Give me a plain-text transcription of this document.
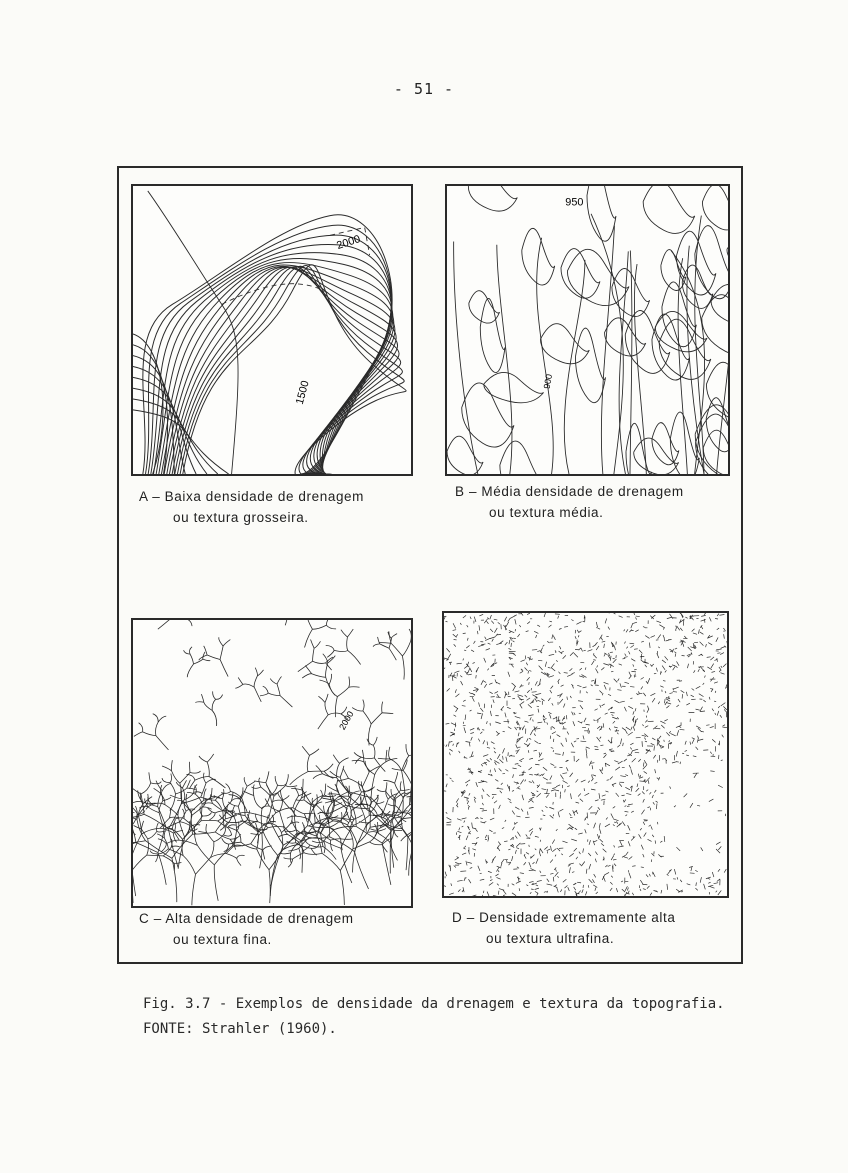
- 51 -
2000
1500
950
900
A – Baixa densidade de drenagem
ou textura grosseira.
B – Média densidade de drenagem
ou textura média.
2000
C – Alta densidade de drenagem
ou textura fina.
D – Densidade extremamente alta
ou textura ultrafina.
Fig. 3.7 - Exemplos de densidade da drenagem e textura da topografia.
FONTE: Strahler (1960).
